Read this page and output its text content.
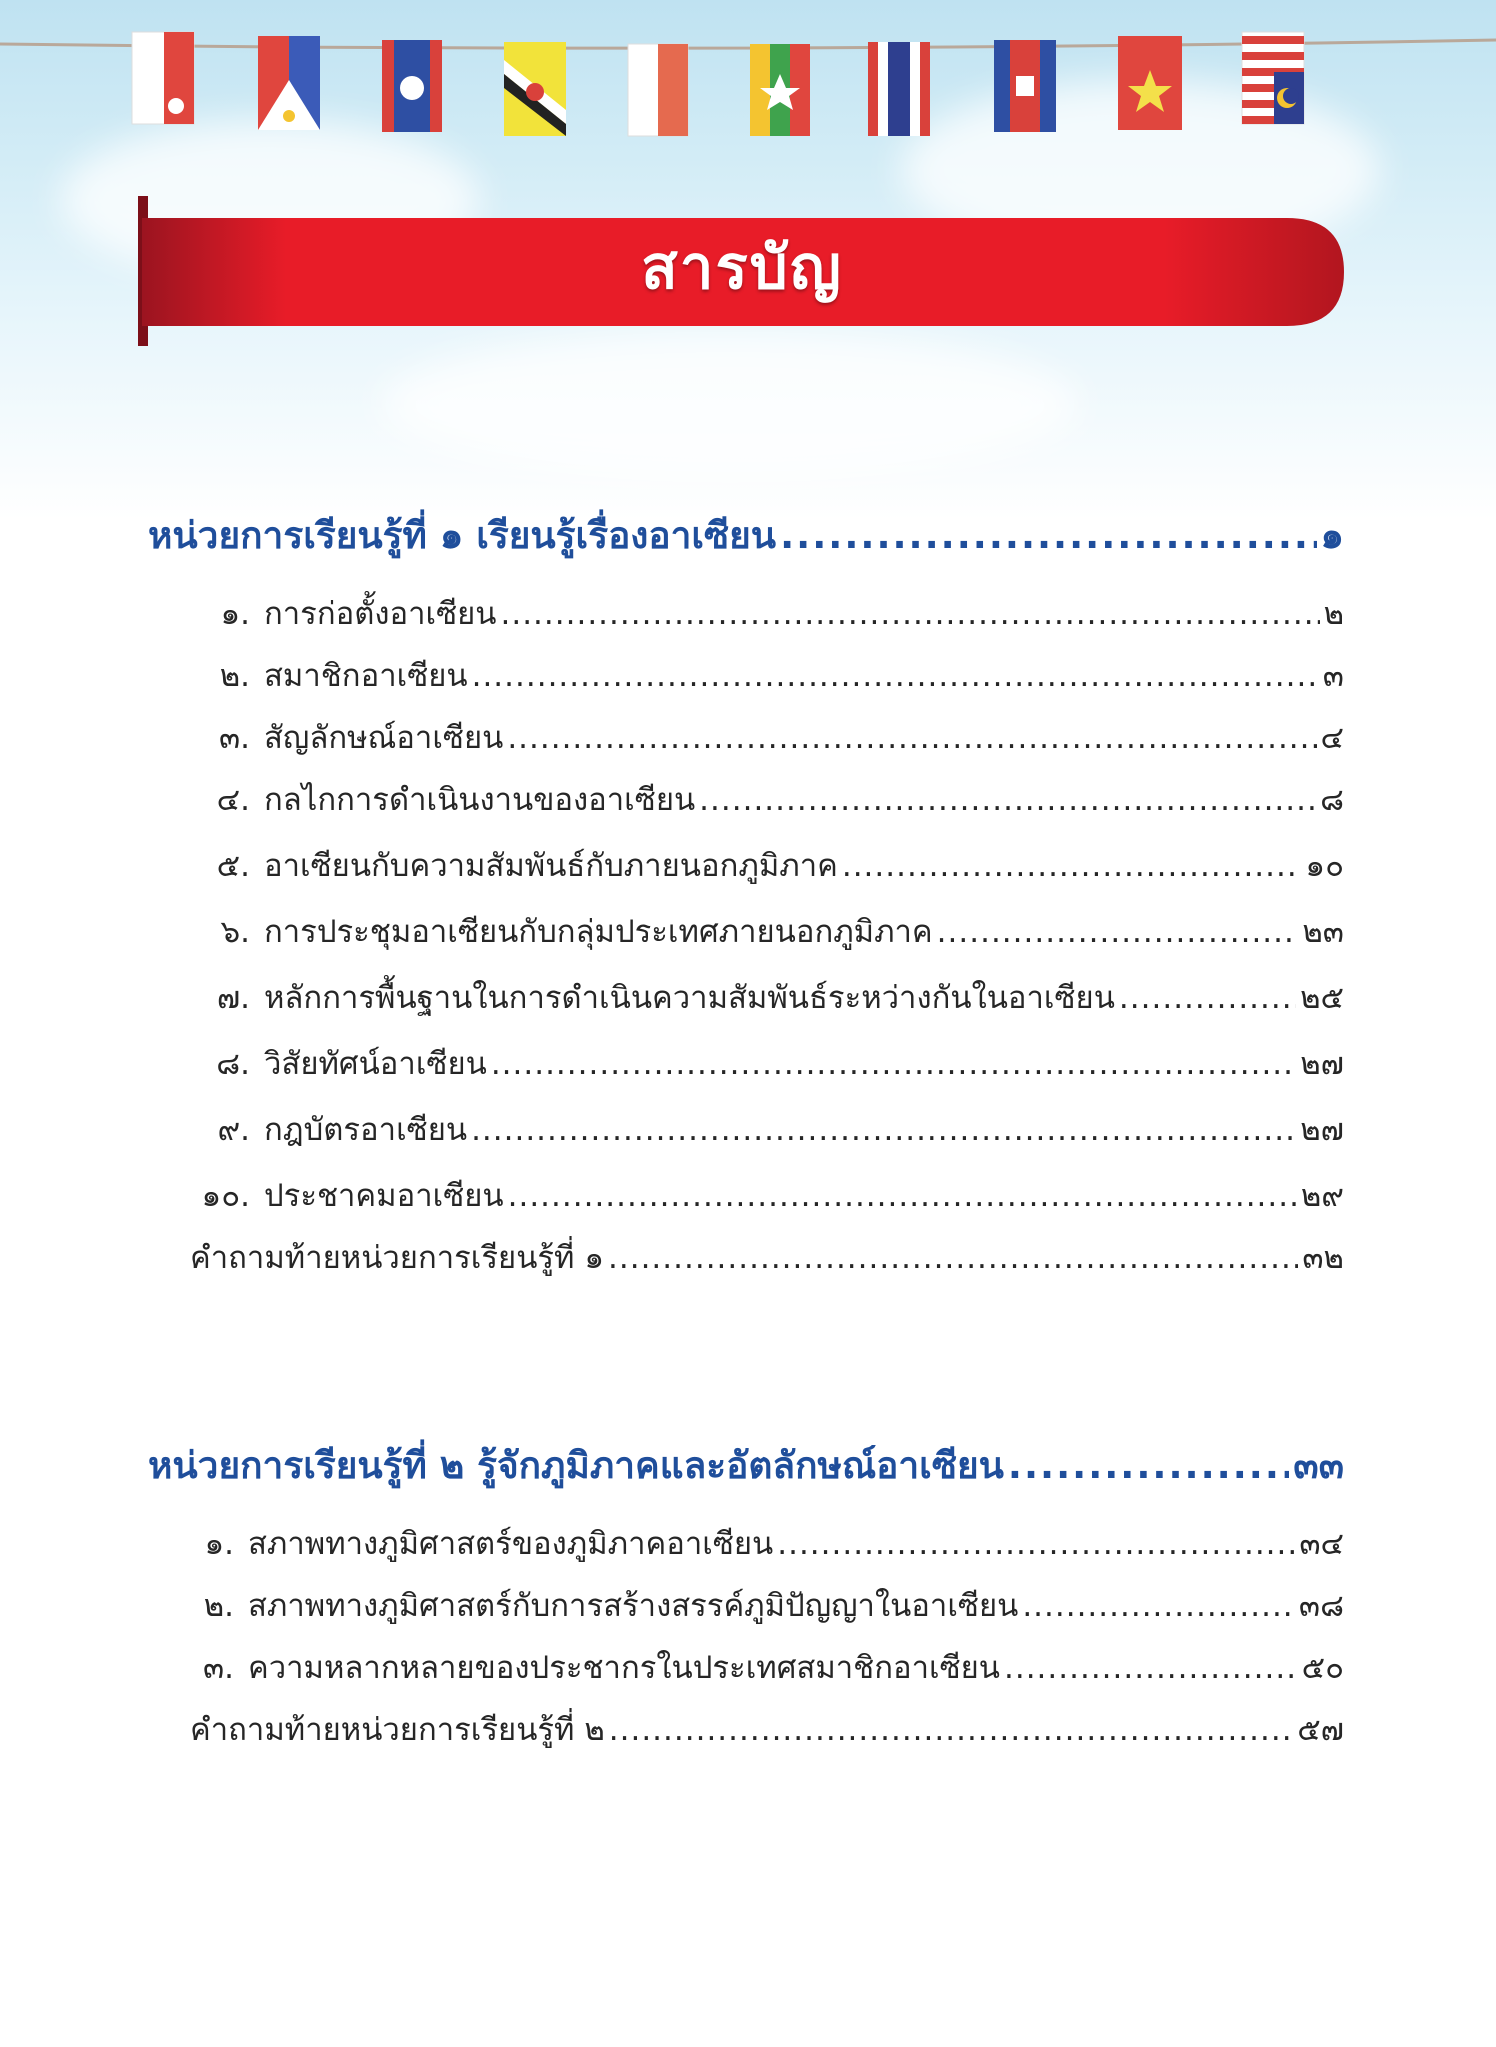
สารบัญ
หน่วยการเรียนรู้ที่ ๑ เรียนรู้เรื่องอาเซียน .....	๑
๑. การก่อตั้งอาเซียน .....	๒
๒. สมาชิกอาเซียน .....	๓
๓. สัญลักษณ์อาเซียน .....	๔
๔. กลไกการดำเนินงานของอาเซียน .....	๘
๕. อาเซียนกับความสัมพันธ์กับภายนอกภูมิภาค .....	๑๐
๖. การประชุมอาเซียนกับกลุ่มประเทศภายนอกภูมิภาค .....	๒๓
๗. หลักการพื้นฐานในการดำเนินความสัมพันธ์ระหว่างกันในอาเซียน .....	๒๕
๘. วิสัยทัศน์อาเซียน .....	๒๗
๙. กฎบัตรอาเซียน .....	๒๗
๑๐. ประชาคมอาเซียน .....	๒๙
คำถามท้ายหน่วยการเรียนรู้ที่ ๑ .....	๓๒
หน่วยการเรียนรู้ที่ ๒ รู้จักภูมิภาคและอัตลักษณ์อาเซียน .....	๓๓
๑. สภาพทางภูมิศาสตร์ของภูมิภาคอาเซียน .....	๓๔
๒. สภาพทางภูมิศาสตร์กับการสร้างสรรค์ภูมิปัญญาในอาเซียน .....	๓๘
๓. ความหลากหลายของประชากรในประเทศสมาชิกอาเซียน .....	๕๐
คำถามท้ายหน่วยการเรียนรู้ที่ ๒ .....	๕๗
